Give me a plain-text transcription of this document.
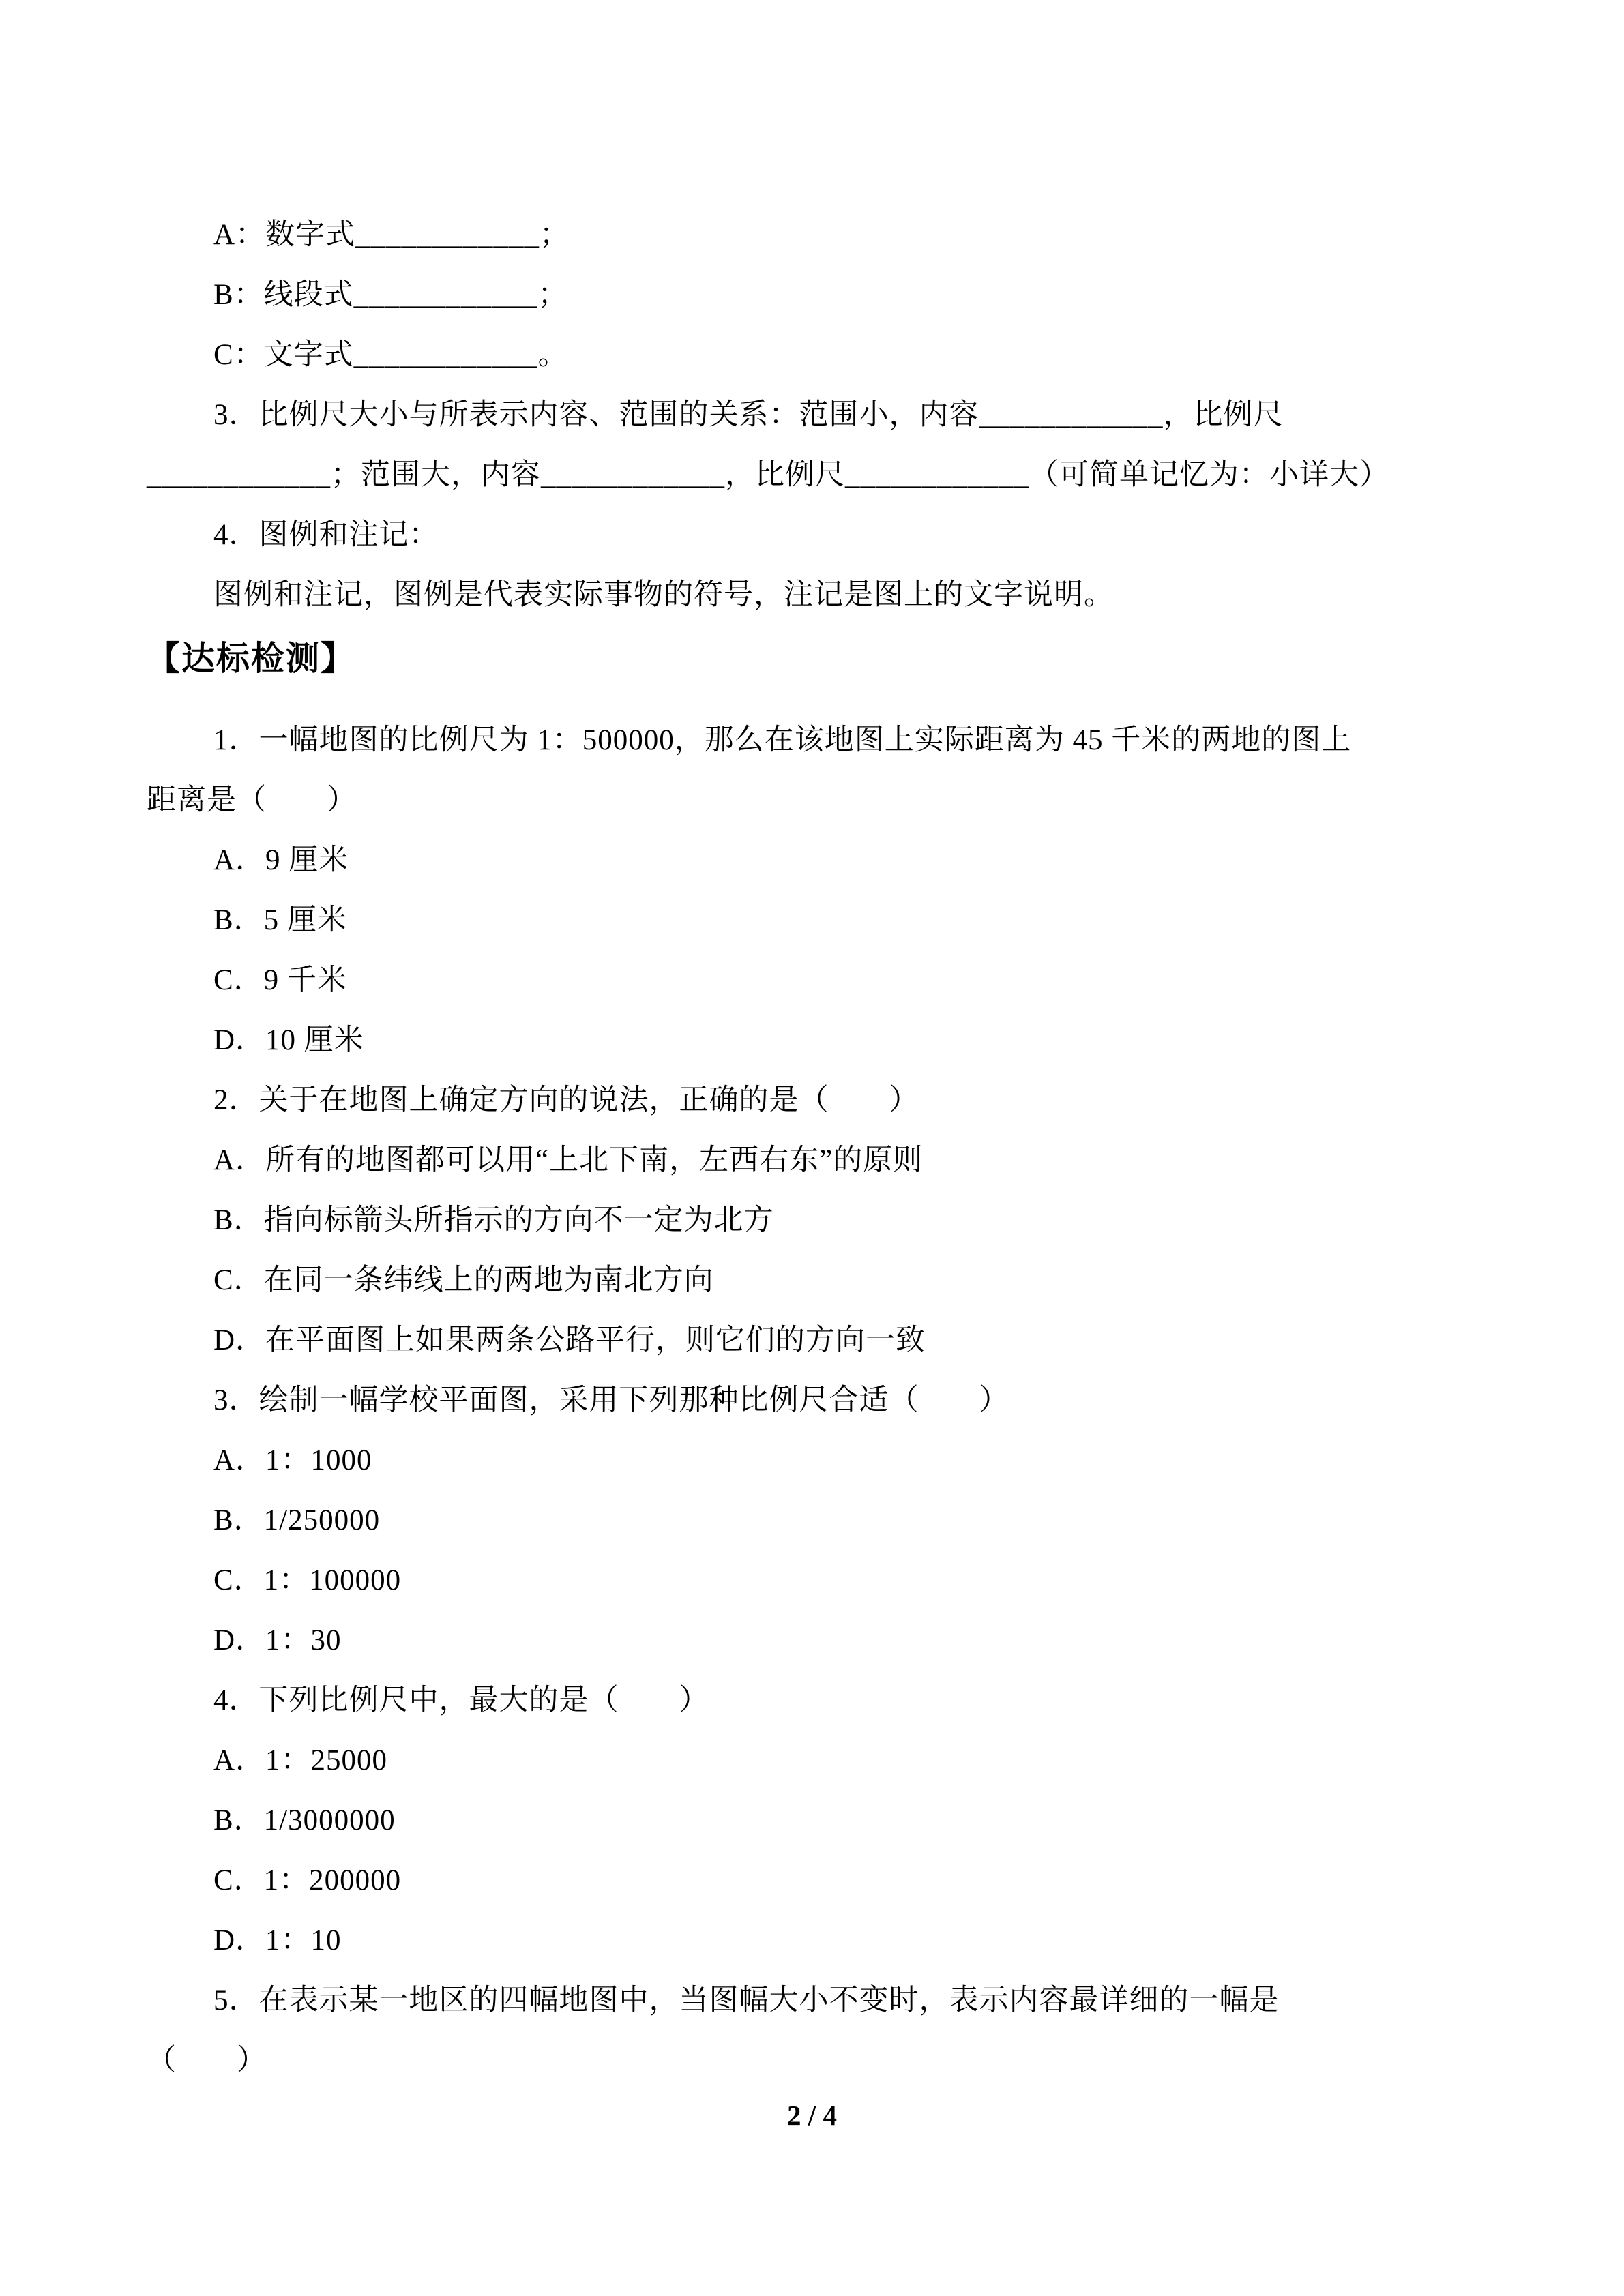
A：数字式____________；
B：线段式____________；
C：文字式____________。
3．比例尺大小与所表示内容、范围的关系：范围小，内容____________，比例尺
____________；范围大，内容____________，比例尺____________（可简单记忆为：小详大）
4．图例和注记：
图例和注记，图例是代表实际事物的符号，注记是图上的文字说明。
【达标检测】
1．一幅地图的比例尺为 1：500000，那么在该地图上实际距离为 45 千米的两地的图上
距离是（　　）
A．9 厘米
B．5 厘米
C．9 千米
D．10 厘米
2．关于在地图上确定方向的说法，正确的是（　　）
A．所有的地图都可以用“上北下南，左西右东”的原则
B．指向标箭头所指示的方向不一定为北方
C．在同一条纬线上的两地为南北方向
D．在平面图上如果两条公路平行，则它们的方向一致
3．绘制一幅学校平面图，采用下列那种比例尺合适（　　）
A．1：1000
B．1/250000
C．1：100000
D．1：30
4．下列比例尺中，最大的是（　　）
A．1：25000
B．1/3000000
C．1：200000
D．1：10
5．在表示某一地区的四幅地图中，当图幅大小不变时，表示内容最详细的一幅是
（　　）
2 / 4
